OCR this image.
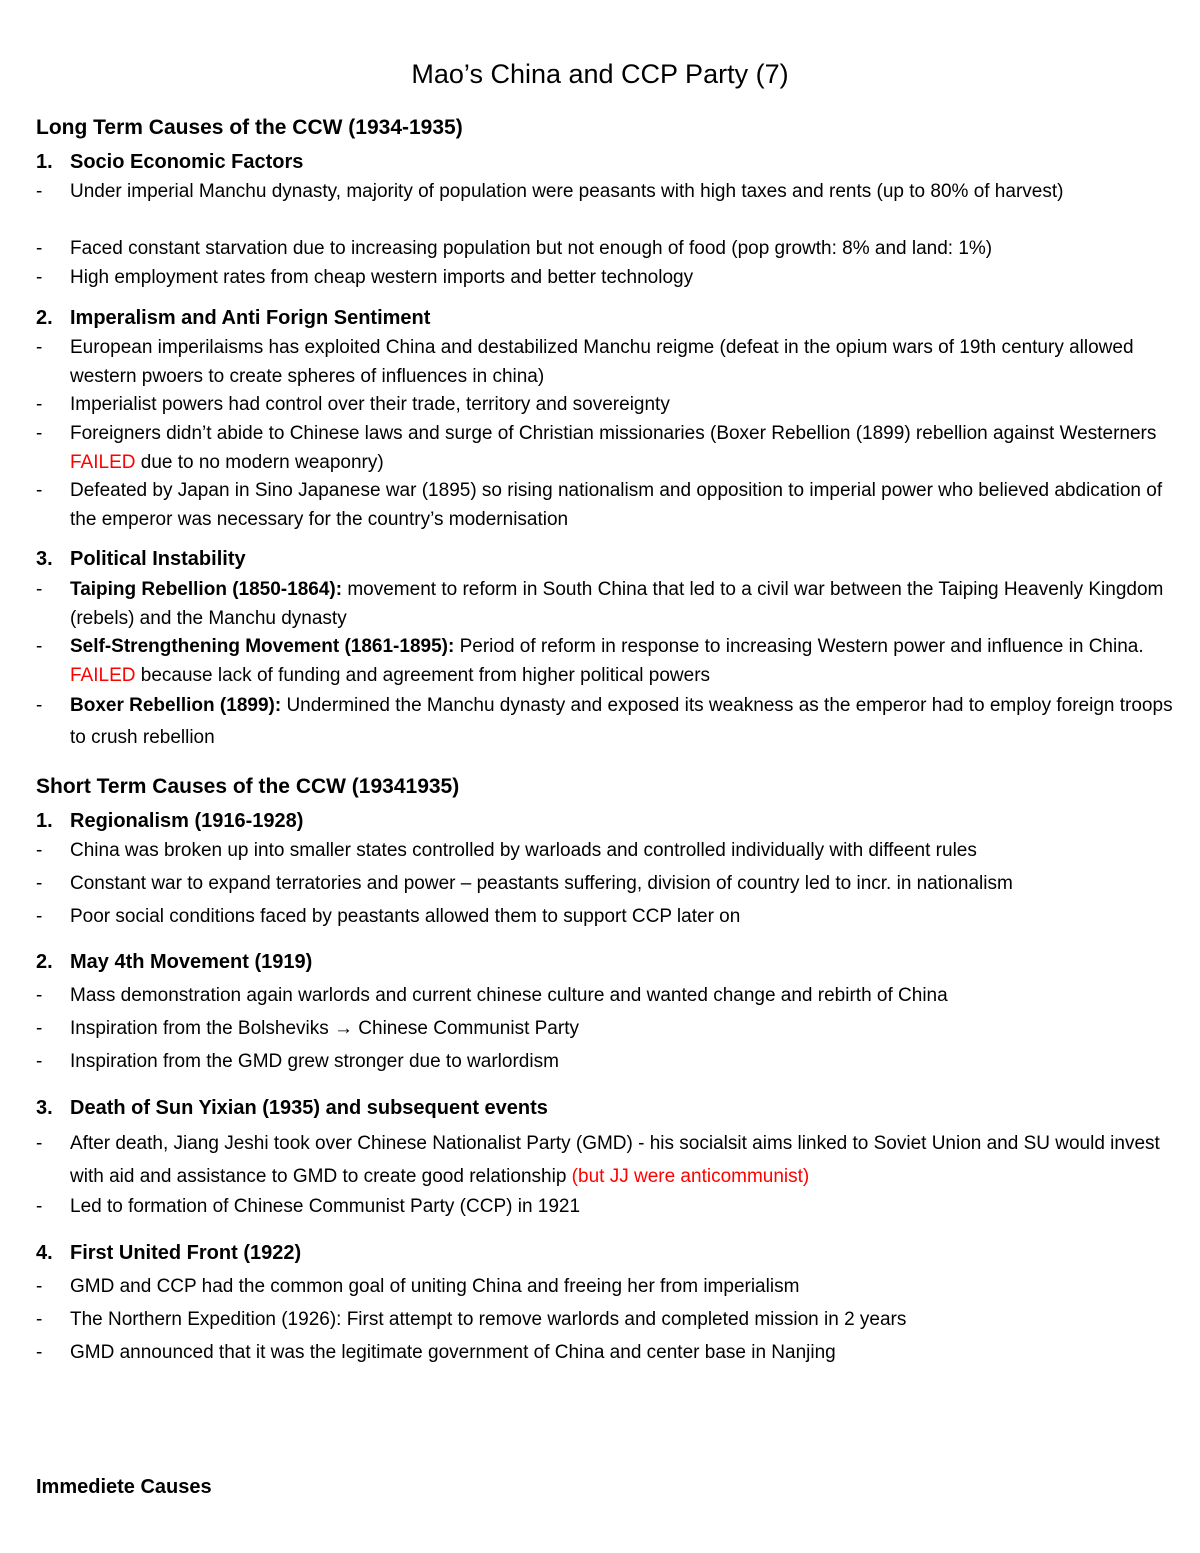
Mao’s China and CCP Party (7)
Long Term Causes of the CCW (1934-1935)
1. Socio Economic Factors
- Under imperial Manchu dynasty, majority of population were peasants with high taxes and rents (up to 80% of harvest)
- Faced constant starvation due to increasing population but not enough of food (pop growth: 8% and land: 1%)
- High employment rates from cheap western imports and better technology
2. Imperalism and Anti Forign Sentiment
- European imperilaisms has exploited China and destabilized Manchu reigme (defeat in the opium wars of 19th century allowed western pwoers to create spheres of influences in china)
- Imperialist powers had control over their trade, territory and sovereignty
- Foreigners didn’t abide to Chinese laws and surge of Christian missionaries (Boxer Rebellion (1899) rebellion against Westerners FAILED due to no modern weaponry)
- Defeated by Japan in Sino Japanese war (1895) so rising nationalism and opposition to imperial power who believed abdication of the emperor was necessary for the country’s modernisation
3. Political Instability
- Taiping Rebellion (1850-1864): movement to reform in South China that led to a civil war between the Taiping Heavenly Kingdom (rebels) and the Manchu dynasty
- Self-Strengthening Movement (1861-1895): Period of reform in response to increasing Western power and influence in China. FAILED because lack of funding and agreement from higher political powers
- Boxer Rebellion (1899): Undermined the Manchu dynasty and exposed its weakness as the emperor had to employ foreign troops to crush rebellion
Short Term Causes of the CCW (19341935)
1. Regionalism (1916-1928)
- China was broken up into smaller states controlled by warloads and controlled individually with diffeent rules
- Constant war to expand terratories and power – peastants suffering, division of country led to incr. in nationalism
- Poor social conditions faced by peastants allowed them to support CCP later on
2. May 4th Movement (1919)
- Mass demonstration again warlords and current chinese culture and wanted change and rebirth of China
- Inspiration from the Bolsheviks → Chinese Communist Party
- Inspiration from the GMD grew stronger due to warlordism
3. Death of Sun Yixian (1935) and subsequent events
- After death, Jiang Jeshi took over Chinese Nationalist Party (GMD) - his socialsit aims linked to Soviet Union and SU would invest with aid and assistance to GMD to create good relationship (but JJ were anticommunist)
- Led to formation of Chinese Communist Party (CCP) in 1921
4. First United Front (1922)
- GMD and CCP had the common goal of uniting China and freeing her from imperialism
- The Northern Expedition (1926): First attempt to remove warlords and completed mission in 2 years
- GMD announced that it was the legitimate government of China and center base in Nanjing
Immediete Causes
